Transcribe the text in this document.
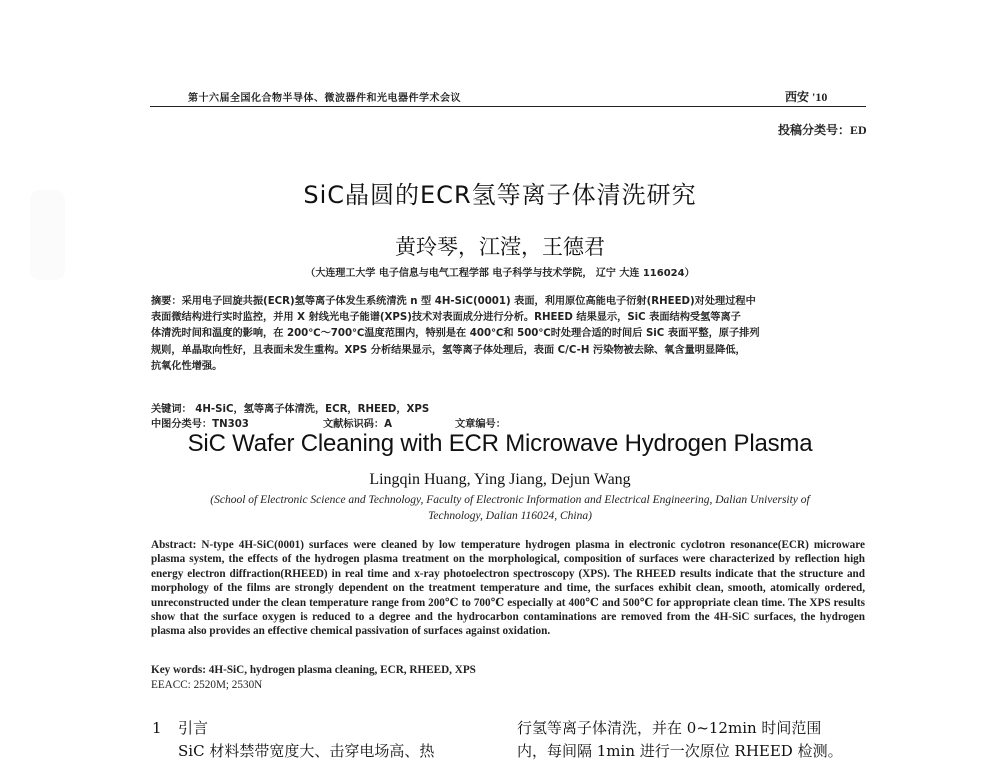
第十六届全国化合物半导体、微波器件和光电器件学术会议	西安 '10
投稿分类号：ED
SiC晶圆的ECR氢等离子体清洗研究
黄玲琴，江滢，王德君
（大连理工大学 电子信息与电气工程学部 电子科学与技术学院， 辽宁 大连 116024）
摘要：采用电子回旋共振(ECR)氢等离子体发生系统清洗 n 型 4H-SiC(0001) 表面，利用原位高能电子衍射(RHEED)对处理过程中
表面微结构进行实时监控，并用 X 射线光电子能谱(XPS)技术对表面成分进行分析。RHEED 结果显示，SiC 表面结构受氢等离子
体清洗时间和温度的影响，在 200℃～700℃温度范围内，特别是在 400℃和 500℃时处理合适的时间后 SiC 表面平整，原子排列
规则，单晶取向性好，且表面未发生重构。XPS 分析结果显示，氢等离子体处理后，表面 C/C-H 污染物被去除、氧含量明显降低，
抗氧化性增强。
关键词： 4H-SiC，氢等离子体清洗，ECR，RHEED，XPS
中图分类号：TN303	文献标识码：A	文章编号：
SiC Wafer Cleaning with ECR Microwave Hydrogen Plasma
Lingqin Huang, Ying Jiang, Dejun Wang
(School of Electronic Science and Technology, Faculty of Electronic Information and Electrical Engineering, Dalian University of
Technology, Dalian 116024, China)
Abstract: N-type 4H-SiC(0001) surfaces were cleaned by low temperature hydrogen plasma in electronic cyclotron resonance(ECR) microware plasma system, the effects of the hydrogen plasma treatment on the morphological, composition of surfaces were characterized by reflection high energy electron diffraction(RHEED) in real time and x-ray photoelectron spectroscopy (XPS). The RHEED results indicate that the structure and morphology of the films are strongly dependent on the treatment temperature and time, the surfaces exhibit clean, smooth, atomically ordered, unreconstructed under the clean temperature range from 200℃ to 700℃ especially at 400℃ and 500℃ for appropriate clean time. The XPS results show that the surface oxygen is reduced to a degree and the hydrocarbon contaminations are removed from the 4H-SiC surfaces, the hydrogen plasma also provides an effective chemical passivation of surfaces against oxidation.
Key words: 4H-SiC, hydrogen plasma cleaning, ECR, RHEED, XPS
EEACC: 2520M; 2530N
1 引言
SiC 材料禁带宽度大、击穿电场高、热
行氢等离子体清洗，并在 0~12min 时间范围
内，每间隔 1min 进行一次原位 RHEED 检测。
